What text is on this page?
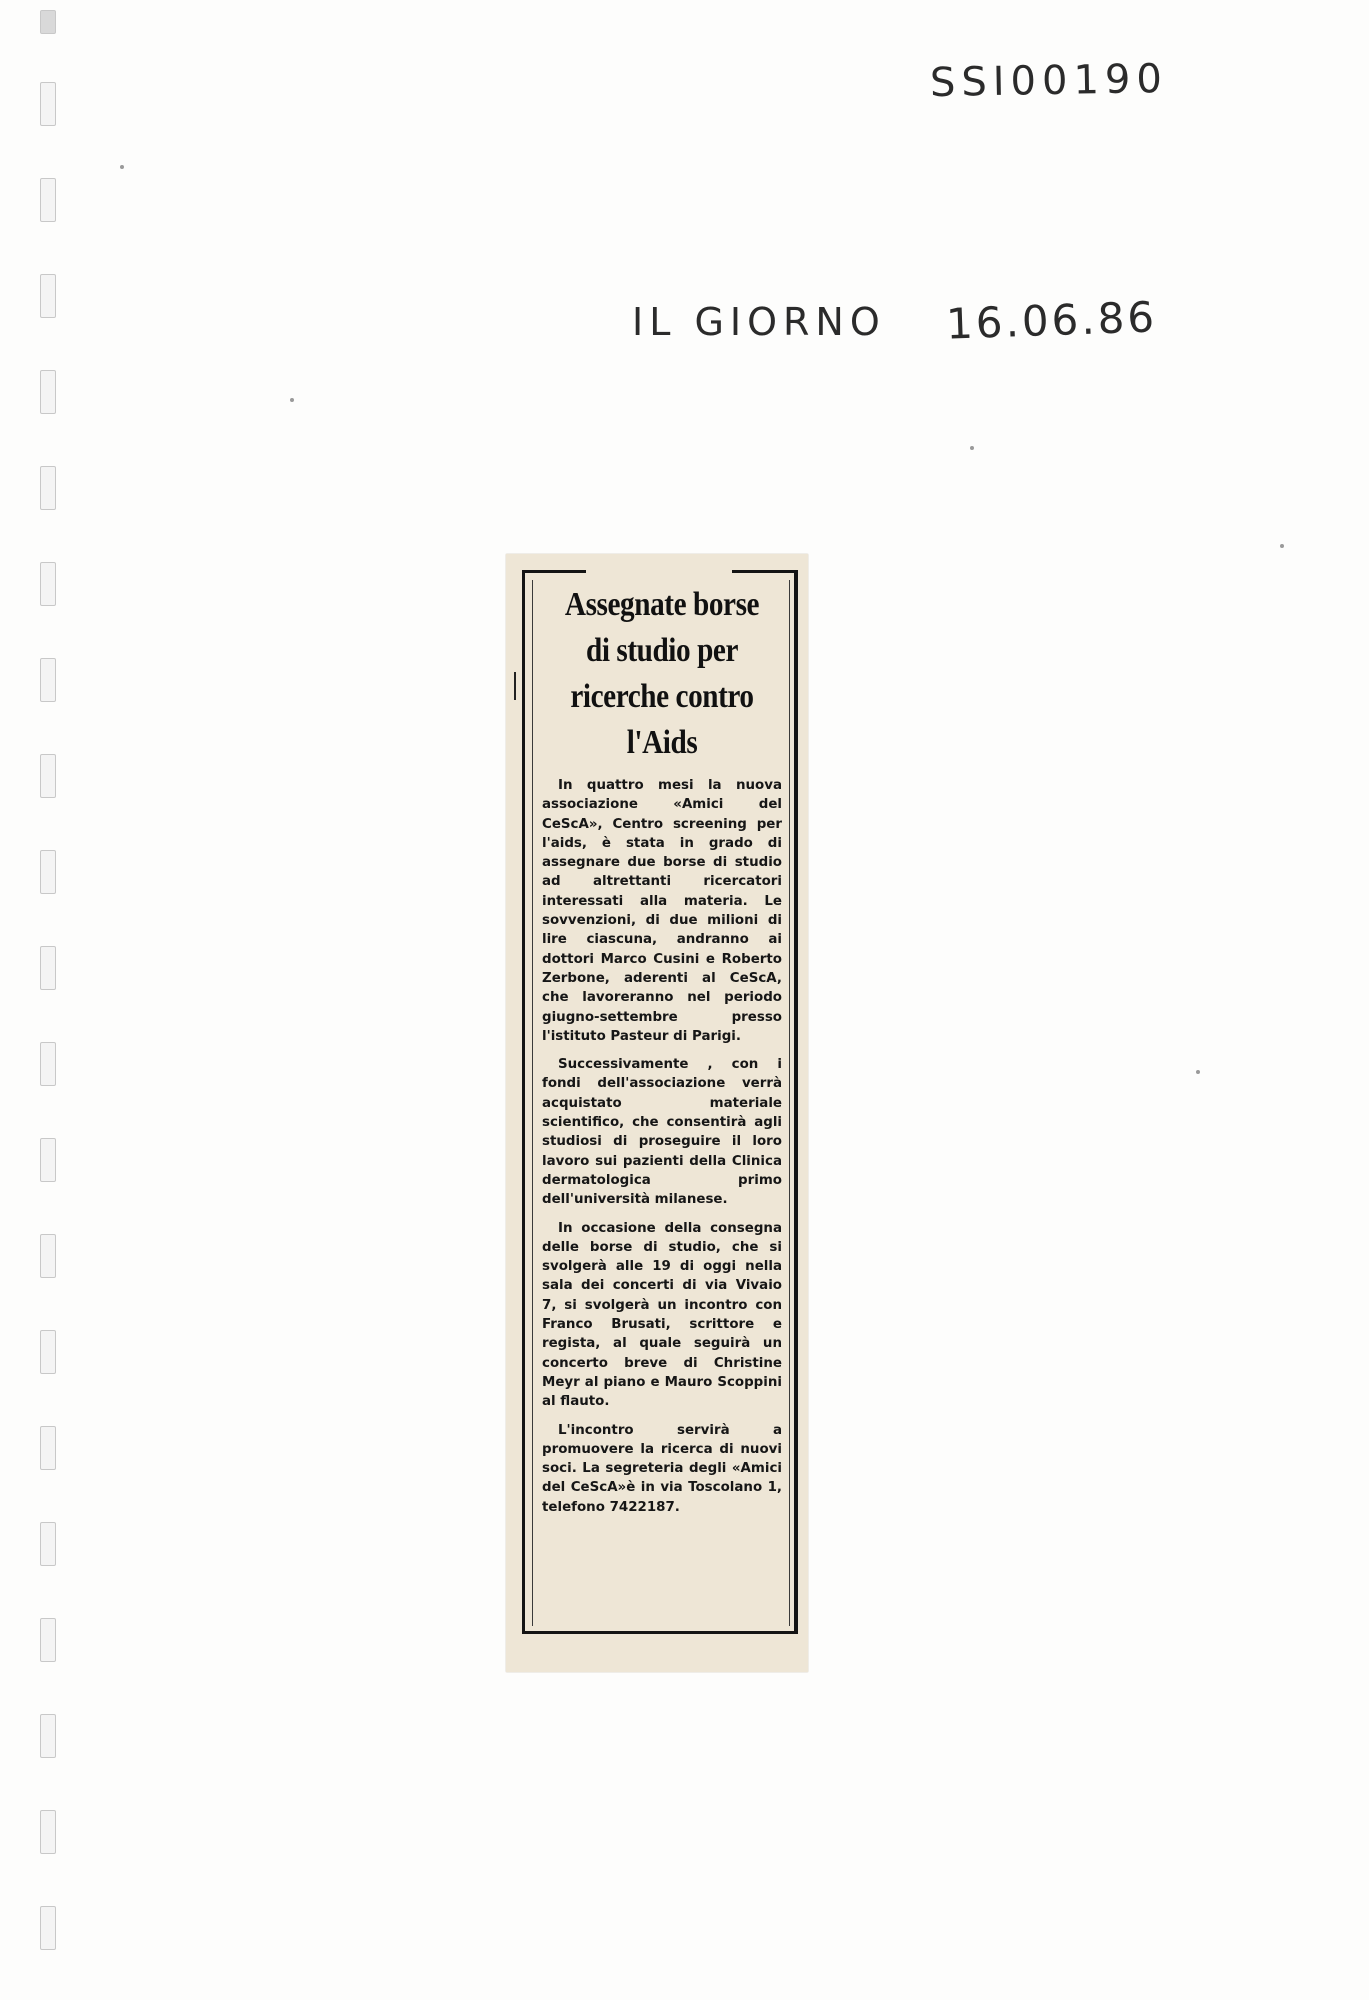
SSI00190
IL GIORNO 16.06.86
Assegnate borse di studio per ricerche contro l'Aids

In quattro mesi la nuova associazione «Amici del CeScA», Centro screening per l'aids, è stata in grado di assegnare due borse di studio ad altrettanti ricercatori interessati alla materia. Le sovvenzioni, di due milioni di lire ciascuna, andranno ai dottori Marco Cusini e Roberto Zerbone, aderenti al CeScA, che lavoreranno nel periodo giugno-settembre presso l'istituto Pasteur di Parigi.

Successivamente , con i fondi dell'associazione verrà acquistato materiale scientifico, che consentirà agli studiosi di proseguire il loro lavoro sui pazienti della Clinica dermatologica primo dell'università milanese.

In occasione della consegna delle borse di studio, che si svolgerà alle 19 di oggi nella sala dei concerti di via Vivaio 7, si svolgerà un incontro con Franco Brusati, scrittore e regista, al quale seguirà un concerto breve di Christine Meyr al piano e Mauro Scoppini al flauto.

L'incontro servirà a promuovere la ricerca di nuovi soci. La segreteria degli «Amici del CeScA»è in via Toscolano 1, telefono 7422187.
